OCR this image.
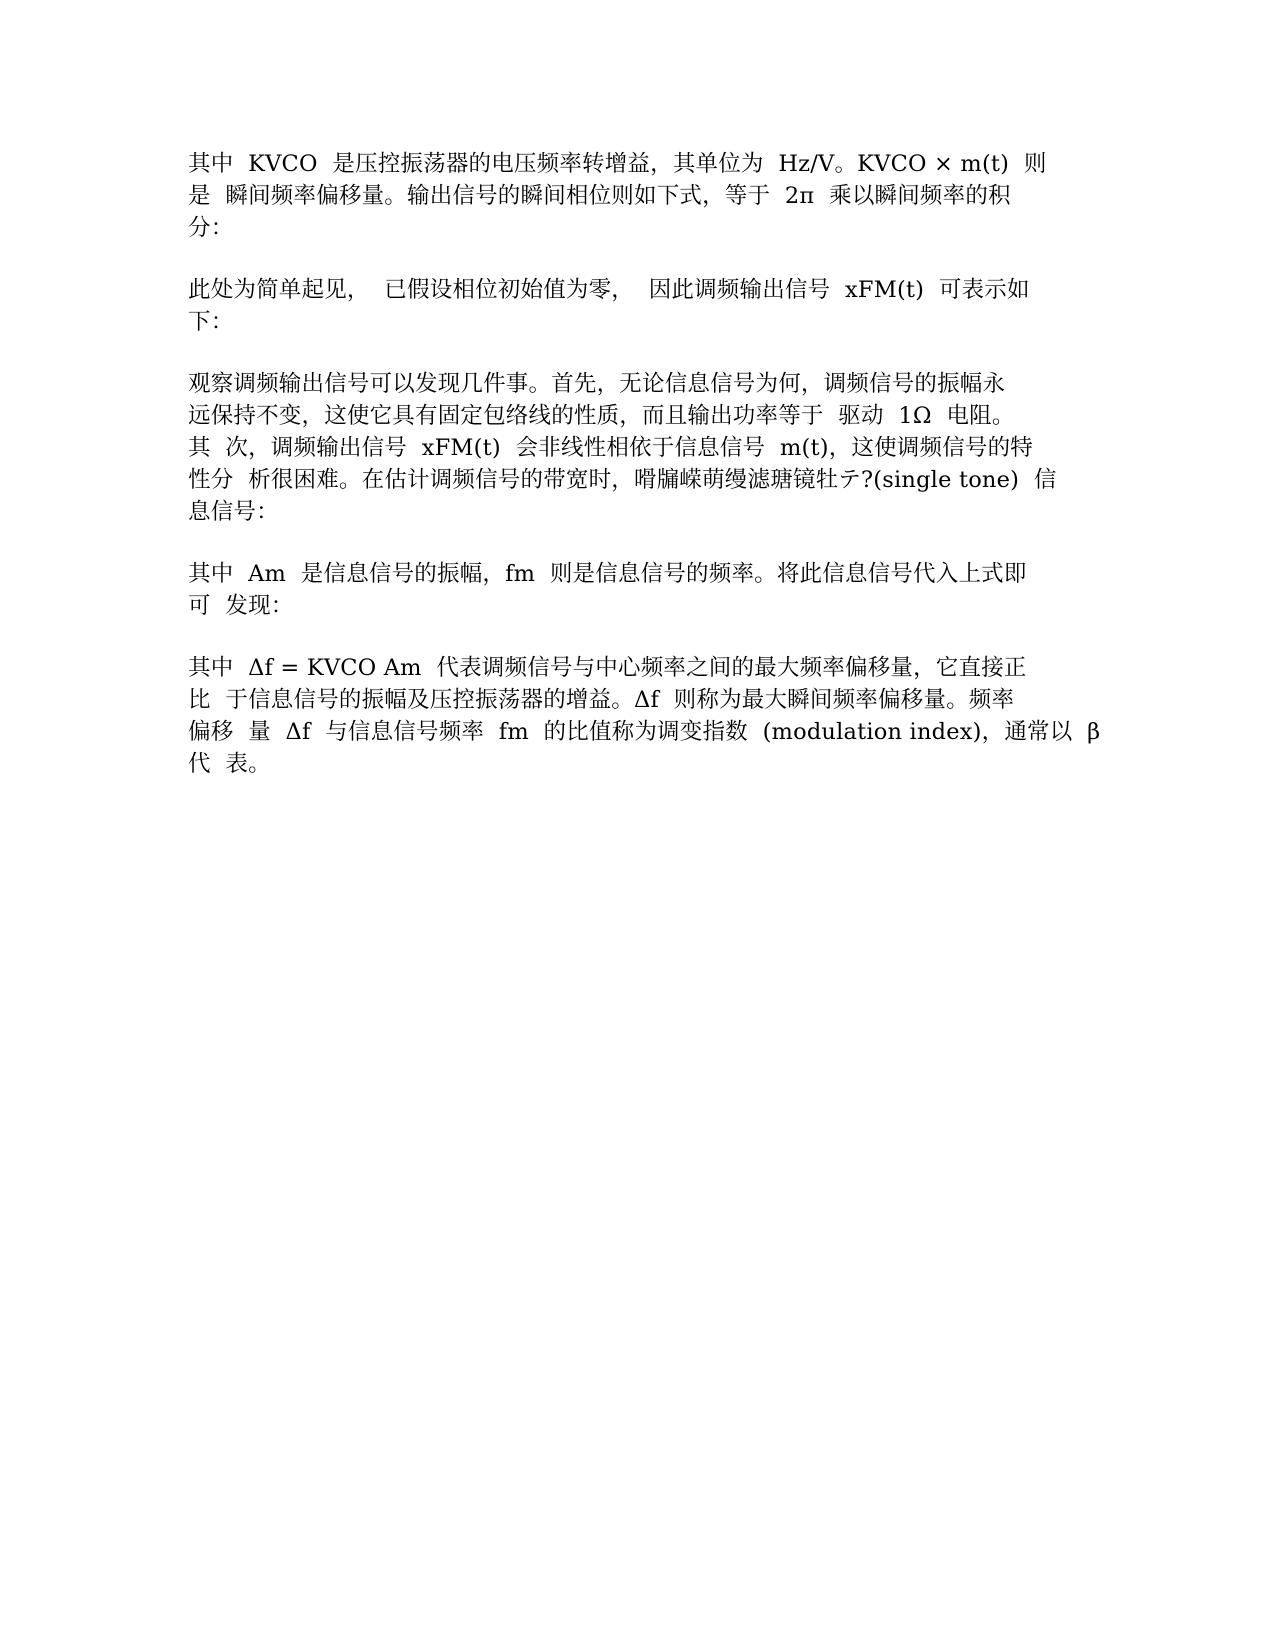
其中  KVCO  是压控振荡器的电压频率转增益，其单位为  Hz/V。KVCO × m(t)  则
是  瞬间频率偏移量。输出信号的瞬间相位则如下式，等于  2π  乘以瞬间频率的积
分：
此处为简单起见，  已假设相位初始值为零，  因此调频输出信号  xFM(t)  可表示如
下：
观察调频输出信号可以发现几件事。首先，无论信息信号为何，调频信号的振幅永
远保持不变，这使它具有固定包络线的性质，而且输出功率等于  驱动  1Ω  电阻。
其  次，调频输出信号  xFM(t)  会非线性相依于信息信号  m(t)，这使调频信号的特
性分  析很困难。在估计调频信号的带宽时，嗗牖嵘萌缦滤瑭镜牡テ?(single tone)  信
息信号：
其中  Am  是信息信号的振幅，fm  则是信息信号的频率。将此信息信号代入上式即
可  发现：
其中  Δf = KVCO Am  代表调频信号与中心频率之间的最大频率偏移量，它直接正
比  于信息信号的振幅及压控振荡器的增益。Δf  则称为最大瞬间频率偏移量。频率
偏移  量  Δf  与信息信号频率  fm  的比值称为调变指数  (modulation index)，通常以  β
代  表。
